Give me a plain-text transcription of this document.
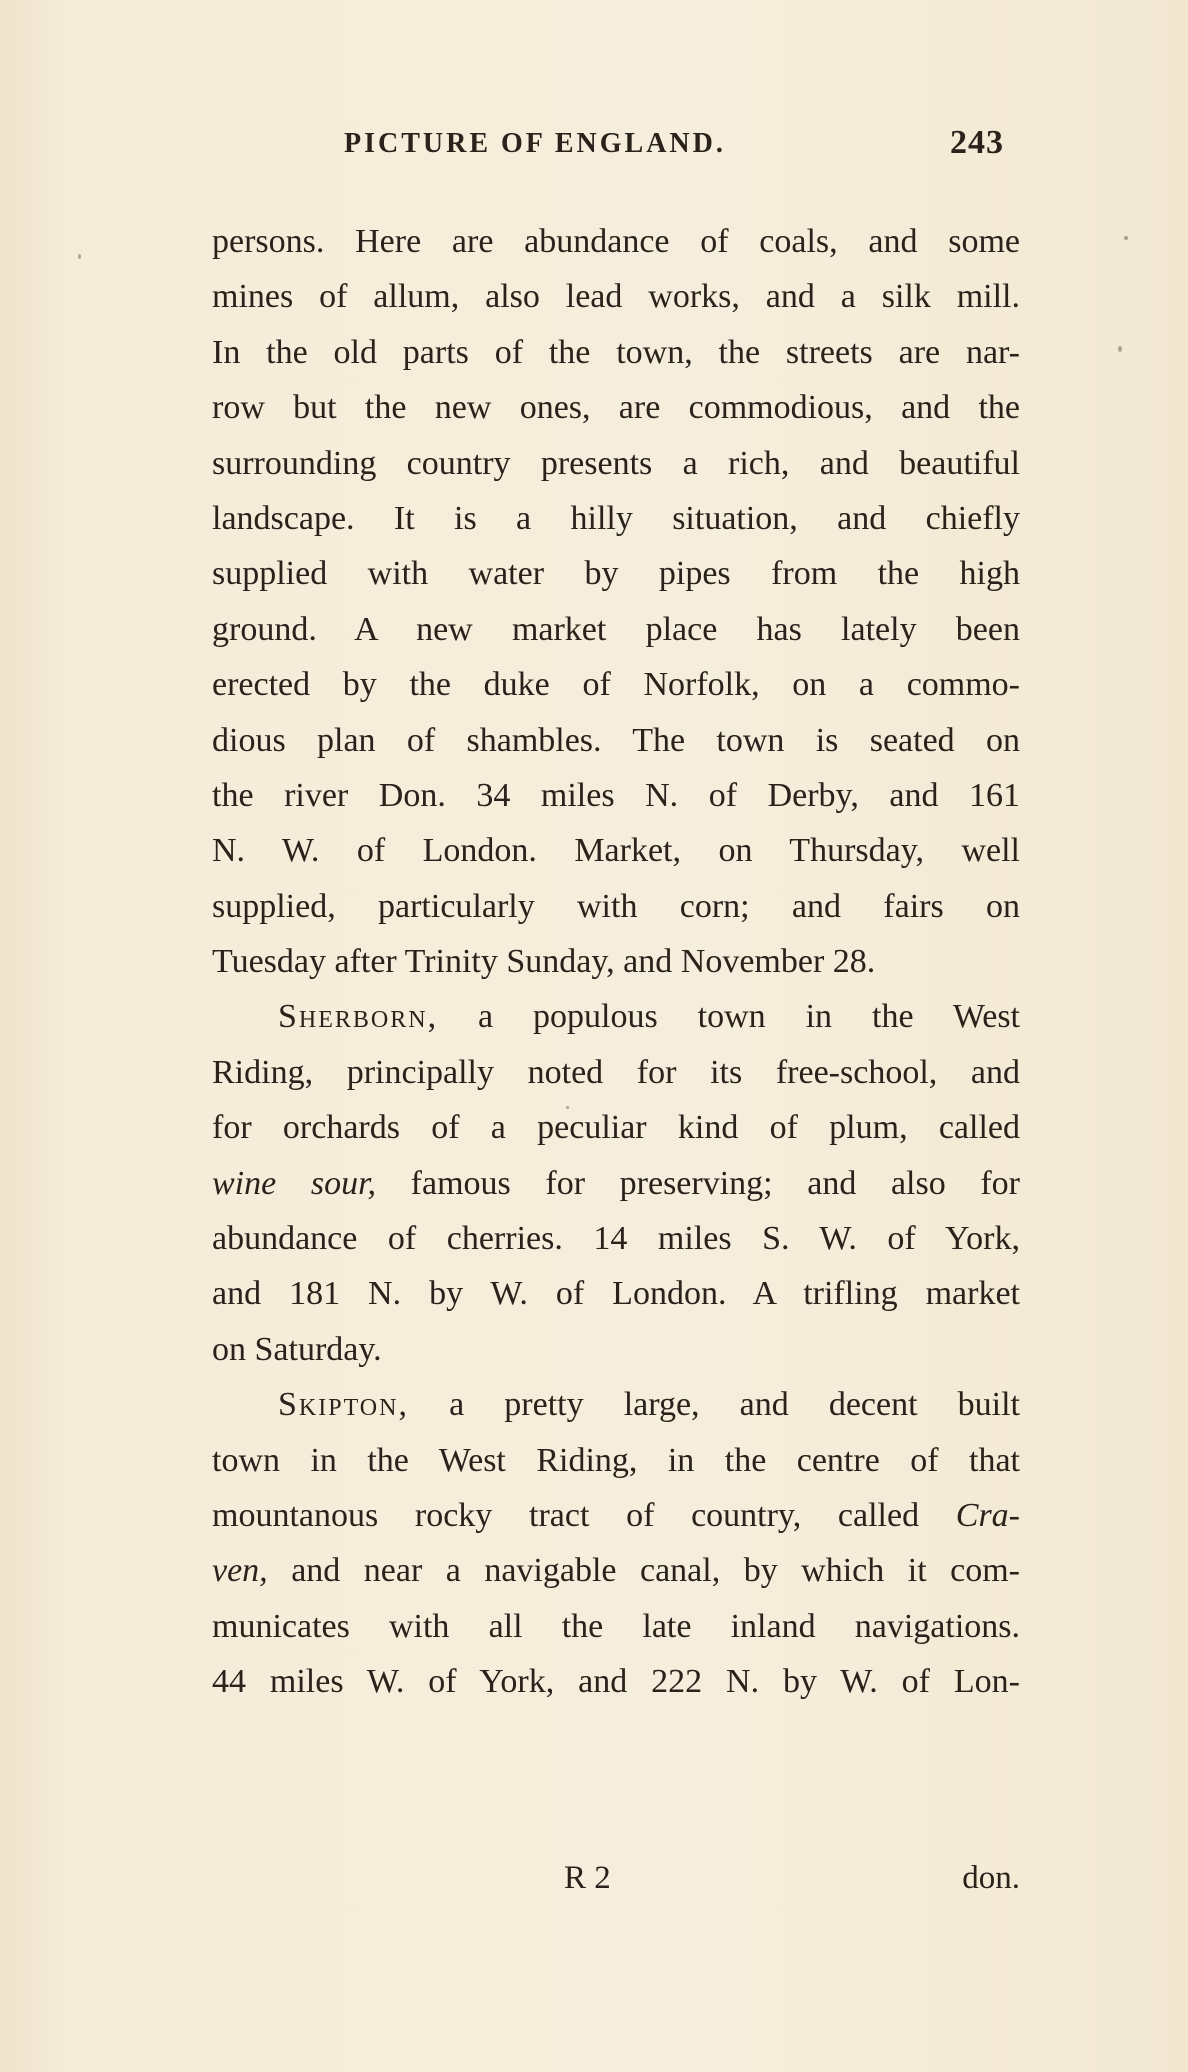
PICTURE OF ENGLAND.	243
persons. Here are abundance of coals, and some
mines of allum, also lead works, and a silk mill.
In the old parts of the town, the streets are nar-
row but the new ones, are commodious, and the
surrounding country presents a rich, and beautiful
landscape. It is a hilly situation, and chiefly
supplied with water by pipes from the high
ground. A new market place has lately been
erected by the duke of Norfolk, on a commo-
dious plan of shambles. The town is seated on
the river Don. 34 miles N. of Derby, and 161
N. W. of London. Market, on Thursday, well
supplied, particularly with corn; and fairs on
Tuesday after Trinity Sunday, and November 28.
Sherborn, a populous town in the West
Riding, principally noted for its free-school, and
for orchards of a peculiar kind of plum, called
wine sour, famous for preserving; and also for
abundance of cherries. 14 miles S. W. of York,
and 181 N. by W. of London. A trifling market
on Saturday.
Skipton, a pretty large, and decent built
town in the West Riding, in the centre of that
mountanous rocky tract of country, called Cra-
ven, and near a navigable canal, by which it com-
municates with all the late inland navigations.
44 miles W. of York, and 222 N. by W. of Lon-
R 2	don.
